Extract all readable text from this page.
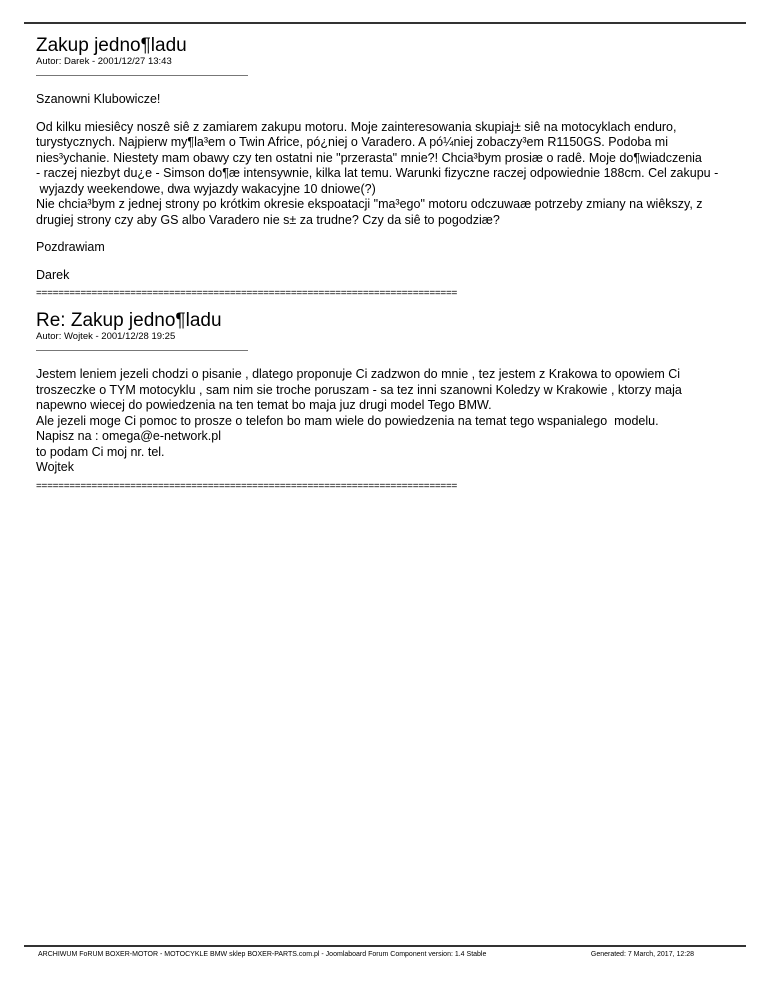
Zakup jedno¶ladu

Autor: Darek - 2001/12/27 13:43

Szanowni Klubowicze!

Od kilku miesiêcy noszê siê z zamiarem zakupu motoru. Moje zainteresowania skupiaj± siê na motocyklach enduro,
turystycznych. Najpierw my¶la³em o Twin Africe, pó¿niej o Varadero. A pó¼niej zobaczy³em R1150GS. Podoba mi
nies³ychanie. Niestety mam obawy czy ten ostatni nie "przerasta" mnie?! Chcia³bym prosiæ o radê. Moje do¶wiadczenia
- raczej niezbyt du¿e - Simson do¶æ intensywnie, kilka lat temu. Warunki fizyczne raczej odpowiednie 188cm. Cel zakupu -
wyjazdy weekendowe, dwa wyjazdy wakacyjne 10 dniowe(?)
Nie chcia³bym z jednej strony po krótkim okresie ekspoatacji "ma³ego" motoru odczuwaæ potrzeby zmiany na wiêkszy, z
drugiej strony czy aby GS albo Varadero nie s± za trudne? Czy da siê to pogodziæ?

Pozdrawiam

Darek

============================================================================
Re: Zakup jedno¶ladu

Autor: Wojtek - 2001/12/28 19:25

Jestem leniem jezeli chodzi o pisanie , dlatego proponuje Ci zadzwon do mnie , tez jestem z Krakowa to opowiem Ci
troszeczke o TYM motocyklu , sam nim sie troche poruszam - sa tez inni szanowni Koledzy w Krakowie , ktorzy maja
napewno wiecej do powiedzenia na ten temat bo maja juz drugi model Tego BMW.
Ale jezeli moge Ci pomoc to prosze o telefon bo mam wiele do powiedzenia na temat tego wspanialego  modelu.
Napisz na : omega@e-network.pl
to podam Ci moj nr. tel.
Wojtek

============================================================================
ARCHIWUM FoRUM BOXER-MOTOR - MOTOCYKLE BMW sklep BOXER-PARTS.com.pl - Joomlaboard Forum Component version: 1.4 Stable	Generated: 7 March, 2017, 12:28
